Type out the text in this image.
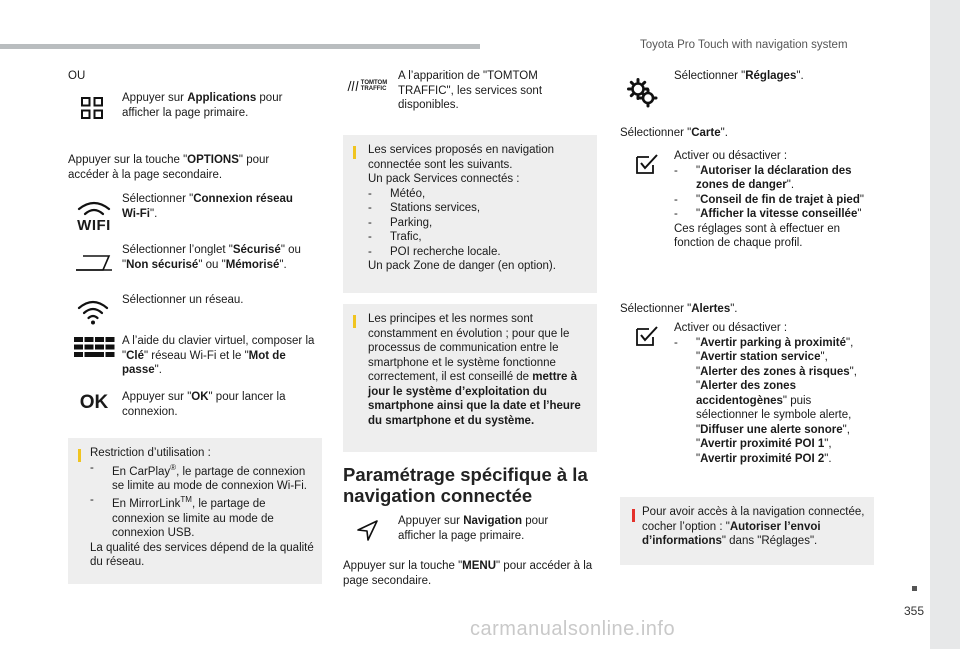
Toyota Pro Touch with navigation system
355
carmanualsonline.info
OU
Appuyer sur Applications pour afficher la page primaire.
Appuyer sur la touche "OPTIONS" pour accéder à la page secondaire.
WIFI
Sélectionner "Connexion réseau Wi-Fi".
Sélectionner l’onglet "Sécurisé" ou "Non sécurisé" ou "Mémorisé".
Sélectionner un réseau.
A l’aide du clavier virtuel, composer la "Clé" réseau Wi-Fi et le "Mot de passe".
OK	Appuyer sur "OK" pour lancer la connexion.
Restriction d’utilisation :
- En CarPlay®, le partage de connexion se limite au mode de connexion Wi-Fi.
- En MirrorLink™, le partage de connexion se limite au mode de connexion USB.
La qualité des services dépend de la qualité du réseau.
TOMTOM
TRAFFIC
A l’apparition de "TOMTOM TRAFFIC", les services sont disponibles.
Les services proposés en navigation connectée sont les suivants.
Un pack Services connectés :
- Météo,
- Stations services,
- Parking,
- Trafic,
- POI recherche locale.
Un pack Zone de danger (en option).
Les principes et les normes sont constamment en évolution ; pour que le processus de communication entre le smartphone et le système fonctionne correctement, il est conseillé de mettre à jour le système d’exploitation du smartphone ainsi que la date et l’heure du smartphone et du système.
Paramétrage spécifique à la navigation connectée
Appuyer sur Navigation pour afficher la page primaire.
Appuyer sur la touche "MENU" pour accéder à la page secondaire.
Sélectionner "Réglages".
Sélectionner "Carte".
Activer ou désactiver :
- "Autoriser la déclaration des zones de danger".
- "Conseil de fin de trajet à pied"
- "Afficher la vitesse conseillée"
Ces réglages sont à effectuer en fonction de chaque profil.
Sélectionner "Alertes".
Activer ou désactiver :
- "Avertir parking à proximité",
"Avertir station service",
"Alerter des zones à risques", "Alerter des zones accidentogènes" puis sélectionner le symbole alerte, "Diffuser une alerte sonore",
"Avertir proximité POI 1",
"Avertir proximité POI 2".
Pour avoir accès à la navigation connectée, cocher l’option : "Autoriser l’envoi d’informations" dans "Réglages".
